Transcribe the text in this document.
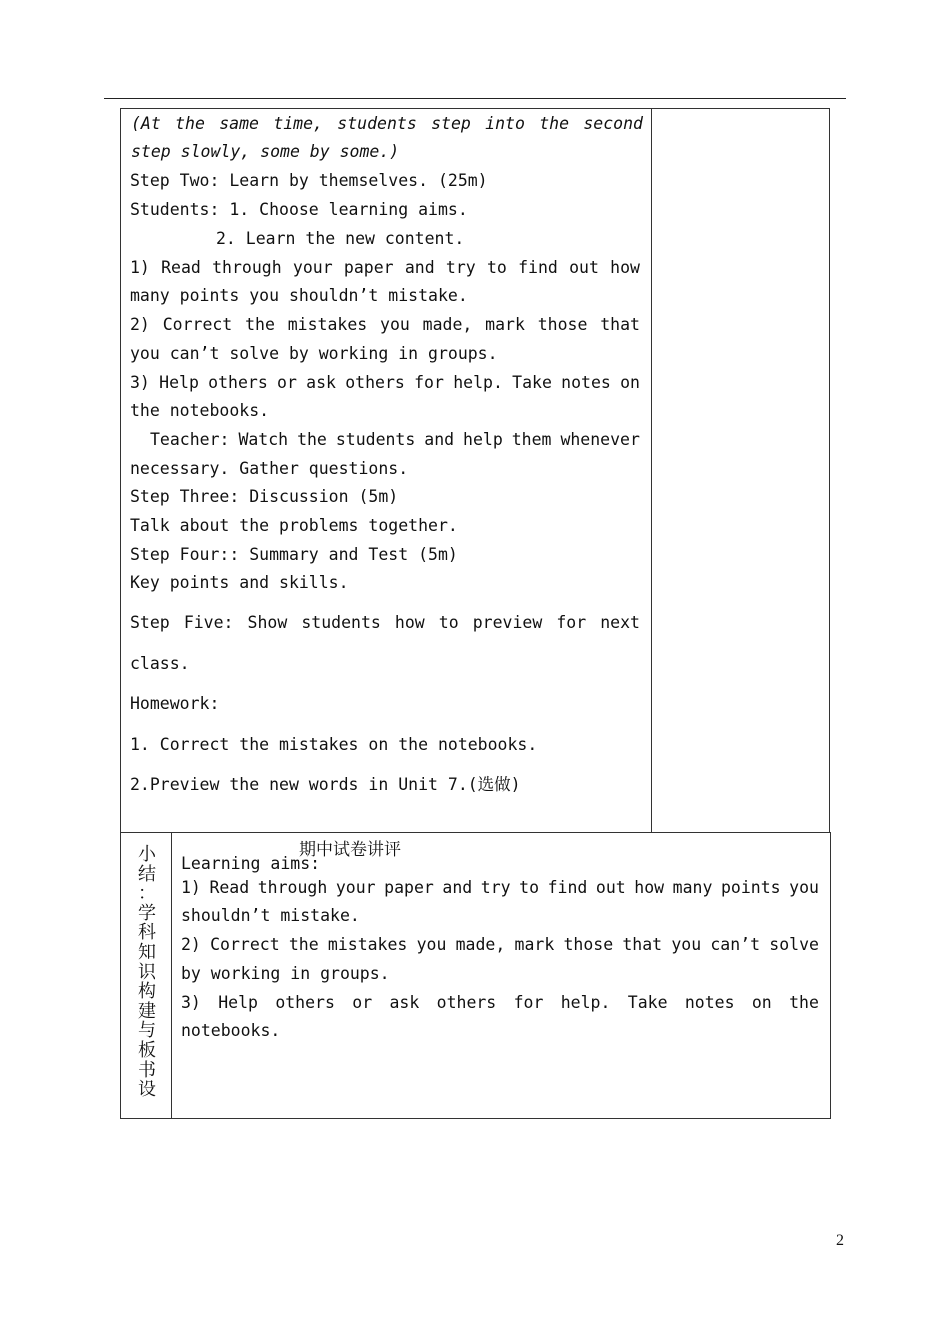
(At the same time, students step into the second
step slowly, some by some.)
Step Two: Learn by themselves. (25m)
Students: 1. Choose learning aims.
2. Learn the new content.
1) Read through your paper and try to find out how
many points you shouldn’t mistake.
2) Correct the mistakes you made, mark those that
you can’t solve by working in groups.
3) Help others or ask others for help. Take notes on
the notebooks.
Teacher: Watch the students and help them whenever
necessary. Gather questions.
Step Three: Discussion (5m)
Talk about the problems together.
Step Four:: Summary and Test (5m)
Key points and skills.
Step Five: Show students how to preview for next
class.
Homework:
1. Correct the mistakes on the notebooks.
2.Preview the new words in Unit 7.(选做)
小
结
：
学
科
知
识
构
建
与
板
书
设
期中试卷讲评
Learning aims:
1) Read through your paper and try to find out how many points you
shouldn’t mistake.
2) Correct the mistakes you made, mark those that you can’t solve
by working in groups.
3) Help others or ask others for help. Take notes on the
notebooks.
2
